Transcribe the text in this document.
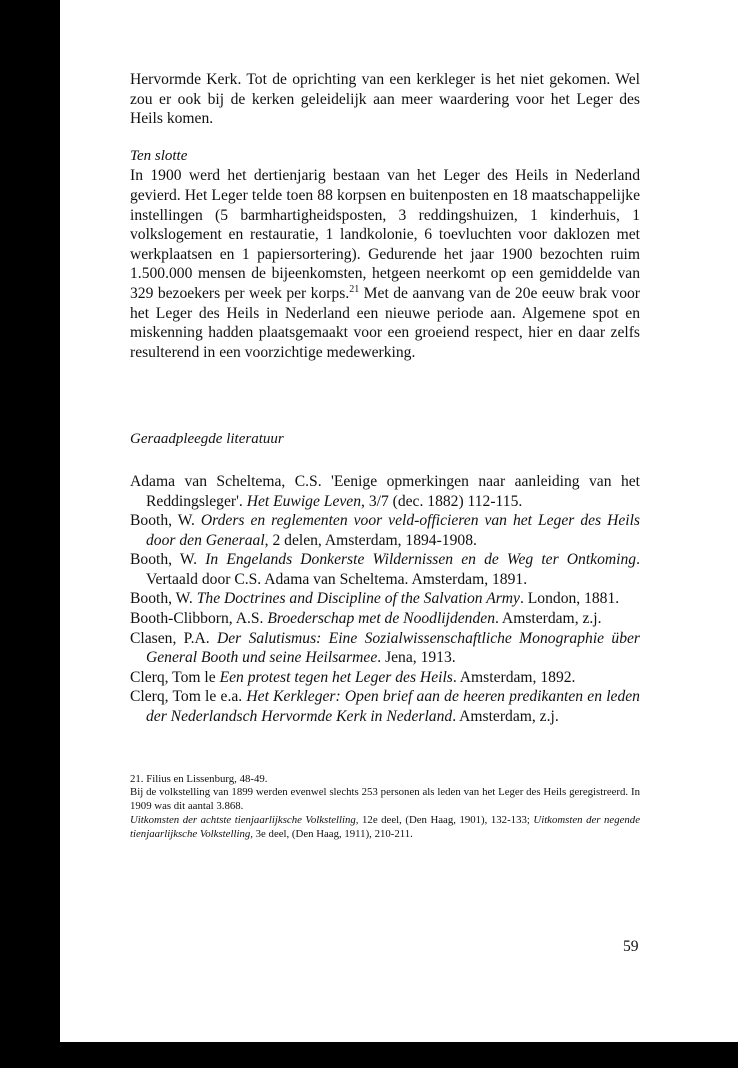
Hervormde Kerk. Tot de oprichting van een kerkleger is het niet gekomen. Wel zou er ook bij de kerken geleidelijk aan meer waardering voor het Leger des Heils komen.

Ten slotte

In 1900 werd het dertienjarig bestaan van het Leger des Heils in Nederland gevierd. Het Leger telde toen 88 korpsen en buitenposten en 18 maatschappelijke instellingen (5 barmhartigheidsposten, 3 reddingshuizen, 1 kinderhuis, 1 volkslogement en restauratie, 1 landkolonie, 6 toevluchten voor daklozen met werkplaatsen en 1 papiersortering). Gedurende het jaar 1900 bezochten ruim 1.500.000 mensen de bijeenkomsten, hetgeen neerkomt op een gemiddelde van 329 bezoekers per week per korps.$^{21}$ Met de aanvang van de 20e eeuw brak voor het Leger des Heils in Nederland een nieuwe periode aan. Algemene spot en miskenning hadden plaatsgemaakt voor een groeiend respect, hier en daar zelfs resulterend in een voorzichtige medewerking.

Geraadpleegde literatuur

Adama van Scheltema, C.S. 'Eenige opmerkingen naar aanleiding van het Reddingsleger'. Het Euwige Leven, 3/7 (dec. 1882) 112-115.
Booth, W. Orders en reglementen voor veld-officieren van het Leger des Heils door den Generaal, 2 delen, Amsterdam, 1894-1908.
Booth, W. In Engelands Donkerste Wildernissen en de Weg ter Ontkoming. Vertaald door C.S. Adama van Scheltema. Amsterdam, 1891.
Booth, W. The Doctrines and Discipline of the Salvation Army. London, 1881.
Booth-Clibborn, A.S. Broederschap met de Noodlijdenden. Amsterdam, z.j.
Clasen, P.A. Der Salutismus: Eine Sozialwissenschaftliche Monographie über General Booth und seine Heilsarmee. Jena, 1913.
Clerq, Tom le Een protest tegen het Leger des Heils. Amsterdam, 1892.
Clerq, Tom le e.a. Het Kerkleger: Open brief aan de heeren predikanten en leden der Nederlandsch Hervormde Kerk in Nederland. Amsterdam, z.j.

21. Filius en Lissenburg, 48-49.

Bij de volkstelling van 1899 werden evenwel slechts 253 personen als leden van het Leger des Heils geregistreerd. In 1909 was dit aantal 3.868.

Uitkomsten der achtste tienjaarlijksche Volkstelling, 12e deel, (Den Haag, 1901), 132-133; Uitkomsten der negende tienjaarlijksche Volkstelling, 3e deel, (Den Haag, 1911), 210-211.

59
